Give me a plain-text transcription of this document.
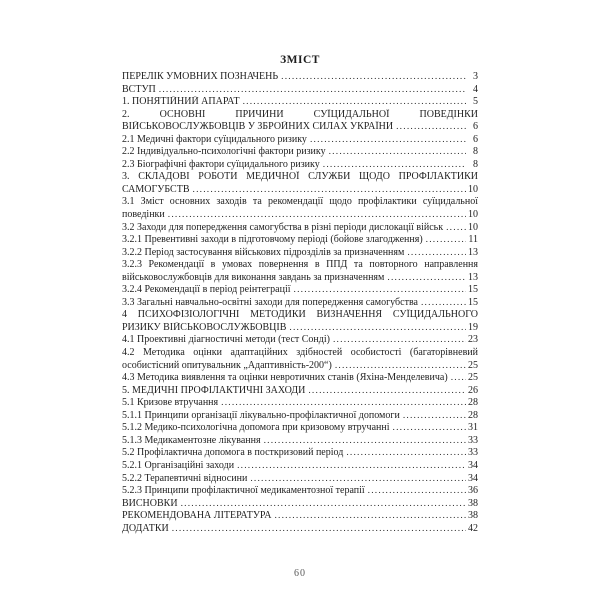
ЗМІСТ
ПЕРЕЛІК УМОВНИХ ПОЗНАЧЕНЬ .....	3
ВСТУП .....	4
1. ПОНЯТІЙНИЙ АПАРАТ .....	5
2. ОСНОВНІ ПРИЧИНИ СУЇЦИДАЛЬНОЇ ПОВЕДІНКИ
ВІЙСЬКОВОСЛУЖБОВЦІВ У ЗБРОЙНИХ СИЛАХ УКРАЇНИ .....	6
2.1 Медичні фактори суїцидального ризику .....	6
2.2 Індивідуально-психологічні фактори ризику .....	8
2.3 Біографічні фактори суїцидального ризику .....	8
3. СКЛАДОВІ РОБОТИ МЕДИЧНОЇ СЛУЖБИ ЩОДО ПРОФІЛАКТИКИ
САМОГУБСТВ .....	10
3.1 Зміст основних заходів та рекомендації щодо профілактики суїцидальної
поведінки .....	10
3.2 Заходи для попередження самогубства в різні періоди дислокації військ ..... 10
3.2.1 Превентивні заходи в підготовчому періоді (бойове злагодження) .....	11
3.2.2 Період застосування військових підрозділів за призначенням .....	13
3.2.3 Рекомендації в умовах повернення в ППД та повторного направлення
військовослужбовців для виконання завдань за призначенням .....	13
3.2.4 Рекомендації в період реінтеграції .....	15
3.3 Загальні навчально-освітні заходи для попередження самогубства .....	15
4 ПСИХОФІЗІОЛОГІЧНІ МЕТОДИКИ ВИЗНАЧЕННЯ СУЇЦИДАЛЬНОГО
РИЗИКУ ВІЙСЬКОВОСЛУЖБОВЦІВ .....	19
4.1 Проективні діагностичні методи (тест Сонді) .....	23
4.2 Методика оцінки адаптаційних здібностей особистості (багаторівневий
особистісний опитувальник „Адаптивність-200“) .....	25
4.3 Методика виявлення та оцінки невротичних станів (Яхіна-Менделевича) ..... 25
5. МЕДИЧНІ ПРОФІЛАКТИЧНІ ЗАХОДИ .....	26
5.1 Кризове втручання .....	28
5.1.1 Принципи організації лікувально-профілактичної допомоги .....	28
5.1.2 Медико-психологічна допомога при кризовому втручанні .....	31
5.1.3 Медикаментозне лікування .....	33
5.2 Профілактична допомога в посткризовий період .....	33
5.2.1 Організаційні заходи .....	34
5.2.2 Терапевтичні відносини .....	34
5.2.3 Принципи профілактичної медикаментозної терапії .....	36
ВИСНОВКИ .....	38
РЕКОМЕНДОВАНА ЛІТЕРАТУРА .....	38
ДОДАТКИ .....	42
60
